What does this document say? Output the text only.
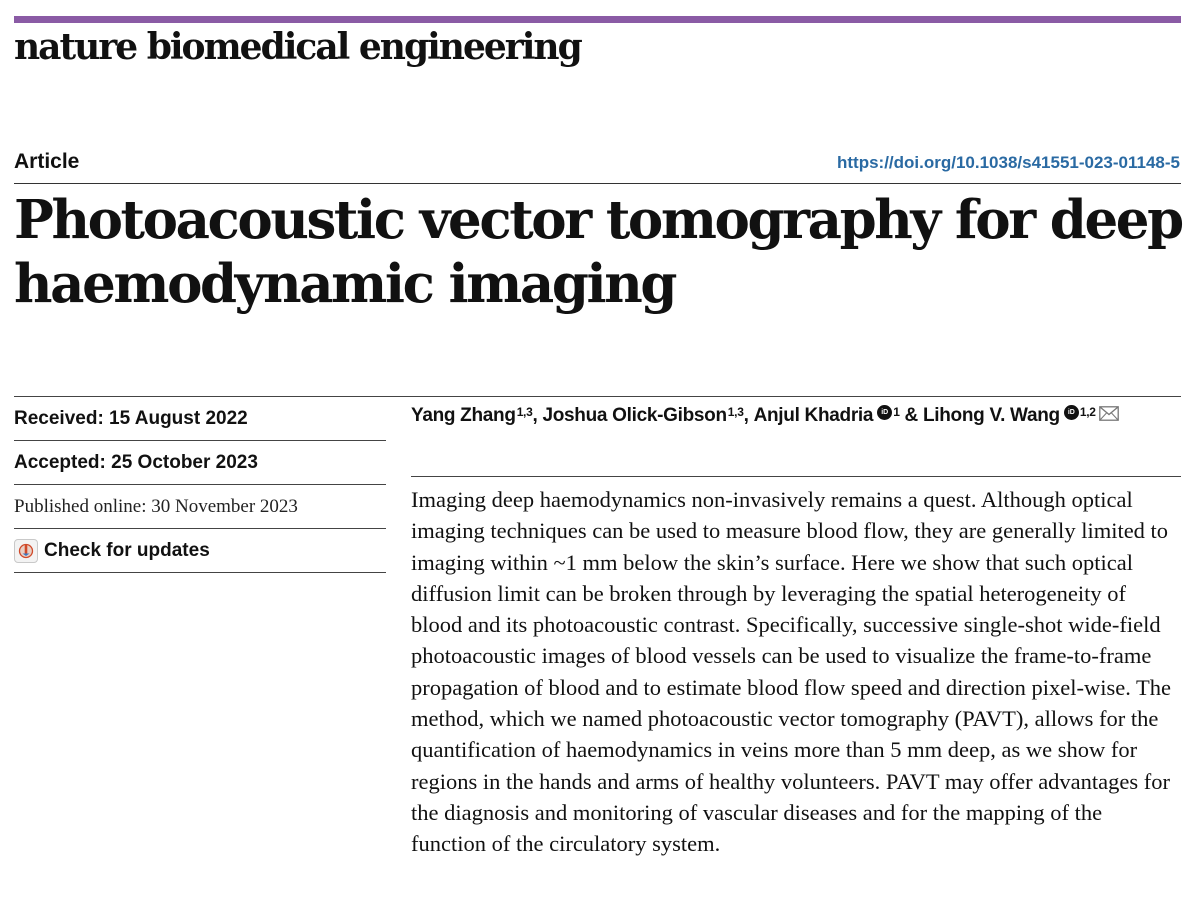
nature biomedical engineering
Article	https://doi.org/10.1038/s41551-023-01148-5
Photoacoustic vector tomography for deep haemodynamic imaging
Received: 15 August 2022
Accepted: 25 October 2023
Published online: 30 November 2023
Check for updates
Yang Zhang$^{1,3}$ ,
Joshua Olick-Gibson$^{1,3}$ ,
Anjul Khadria	iD 1
&
Lihong V. Wang	iD 1,2

Imaging deep haemodynamics non-invasively remains a quest. Although optical imaging techniques can be used to measure blood flow, they are generally limited to imaging within ~1 mm below the skin’s surface. Here we show that such optical diffusion limit can be broken through by leveraging the spatial heterogeneity of blood and its photoacoustic contrast. Specifically, successive single-shot wide-field photoacoustic images of blood vessels can be used to visualize the frame-to-frame propagation of blood and to estimate blood flow speed and direction pixel-wise. The method, which we named photoacoustic vector tomography (PAVT), allows for the quantification of haemodynamics in veins more than 5 mm deep, as we show for regions in the hands and arms of healthy volunteers. PAVT may offer advantages for the diagnosis and monitoring of vascular diseases and for the mapping of the function of the circulatory system.
